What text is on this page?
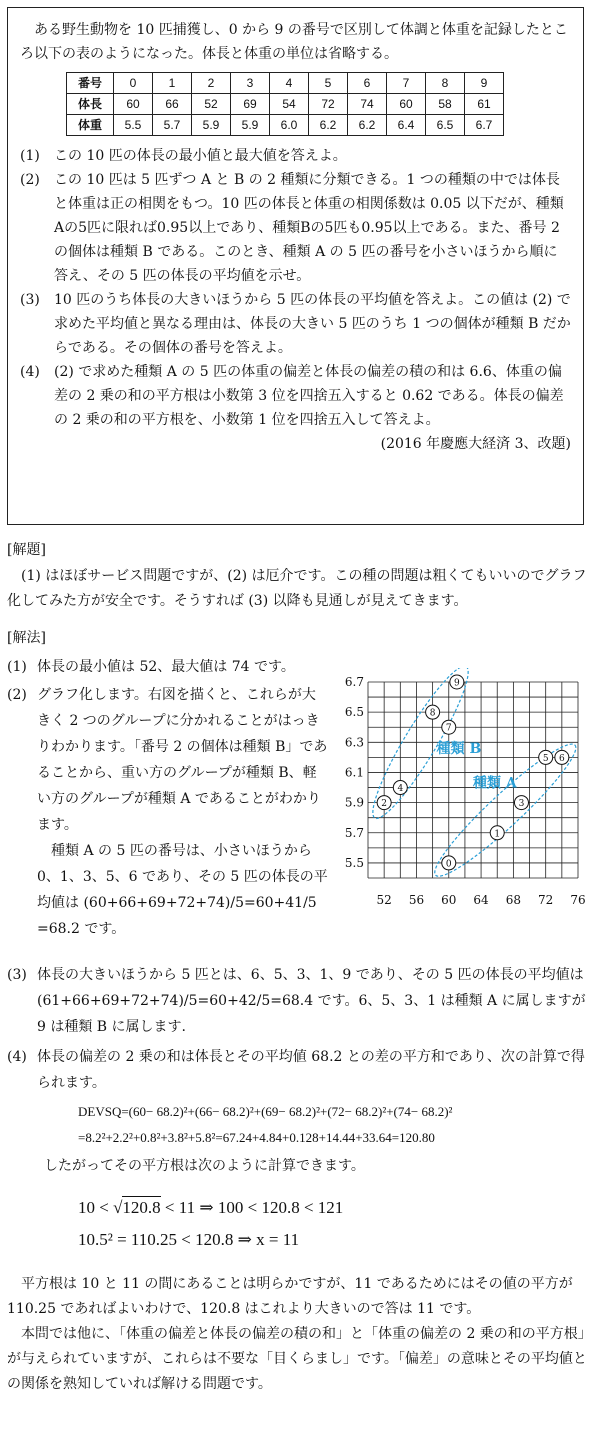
ある野生動物を 10 匹捕獲し、0 から 9 の番号で区別して体調と体重を記録したところ以下の表のようになった。体長と体重の単位は省略する。

番号	0	1	2	3	4	5	6	7	8	9
体長	60	66	52	69	54	72	74	60	58	61
体重	5.5	5.7	5.9	5.9	6.0	6.2	6.2	6.4	6.5	6.7
(1)	この 10 匹の体長の最小値と最大値を答えよ。
(2)	この 10 匹は 5 匹ずつ A と B の 2 種類に分類できる。1 つの種類の中では体長と体重は正の相関をもつ。10 匹の体長と体重の相関係数は 0.05 以下だが、種類Aの5匹に限れば0.95以上であり、種類Bの5匹も0.95以上である。また、番号 2 の個体は種類 B である。このとき、種類 A の 5 匹の番号を小さいほうから順に答え、その 5 匹の体長の平均値を示せ。
(3)	10 匹のうち体長の大きいほうから 5 匹の体長の平均値を答えよ。この値は (2) で求めた平均値と異なる理由は、体長の大きい 5 匹のうち 1 つの個体が種類 B だからである。その個体の番号を答えよ。
(4)	(2) で求めた種類 A の 5 匹の体重の偏差と体長の偏差の積の和は 6.6、体重の偏差の 2 乗の和の平方根は小数第 3 位を四捨五入すると 0.62 である。体長の偏差の 2 乗の和の平方根を、小数第 1 位を四捨五入して答えよ。
(2016 年慶應大経済 3、改題)
[解題]

(1) はほぼサービス問題ですが、(2) は厄介です。この種の問題は粗くてもいいのでグラフ化してみた方が安全です。そうすれば (3) 以降も見通しが見えてきます。

[解法]
(1) 体長の最小値は 52、最大値は 74 です。
(2) グラフ化します。右図を描くと、これらが大きく 2 つのグループに分かれることがはっきりわかります。「番号 2 の個体は種類 B」であることから、重い方のグループが種類 B、軽い方のグループが種類 A であることがわかります。
種類 A の 5 匹の番号は、小さいほうから 0、1、3、5、6 であり、その 5 匹の体長の平均値は (60+66+69+72+74)/5=60+41/5 =68.2 です。
52 56 60 64 68 72 76
5.5
5.7
5.9
6.1
6.3
6.5
6.7
種類 A
種類 B
0
1
2	3
4
5 6
7
8
9
(3) 体長の大きいほうから 5 匹とは、6、5、3、1、9 であり、その 5 匹の体長の平均値は (61+66+69+72+74)/5=60+42/5=68.4 です。6、5、3、1 は種類 A に属しますが 9 は種類 B に属します.
(4) 体長の偏差の 2 乗の和は体長とその平均値 68.2 との差の平方和であり、次の計算で得られます。
DEVSQ=(60− 68.2)²+(66− 68.2)²+(69− 68.2)²+(72− 68.2)²+(74− 68.2)²
=8.2²+2.2²+0.8²+3.8²+5.8²=67.24+4.84+0.128+14.44+33.64=120.80
したがってその平方根は次のように計算できます。
10 < √120.8 < 11 ⇒ 100 < 120.8 < 121
10.5² = 110.25 < 120.8 ⇒ x = 11

平方根は 10 と 11 の間にあることは明らかですが、11 であるためにはその値の平方が 110.25 であればよいわけで、120.8 はこれより大きいので答は 11 です。

本問では他に、「体重の偏差と体長の偏差の積の和」と「体重の偏差の 2 乗の和の平方根」が与えられていますが、これらは不要な「目くらまし」です。「偏差」の意味とその平均値との関係を熟知していれば解ける問題です。
